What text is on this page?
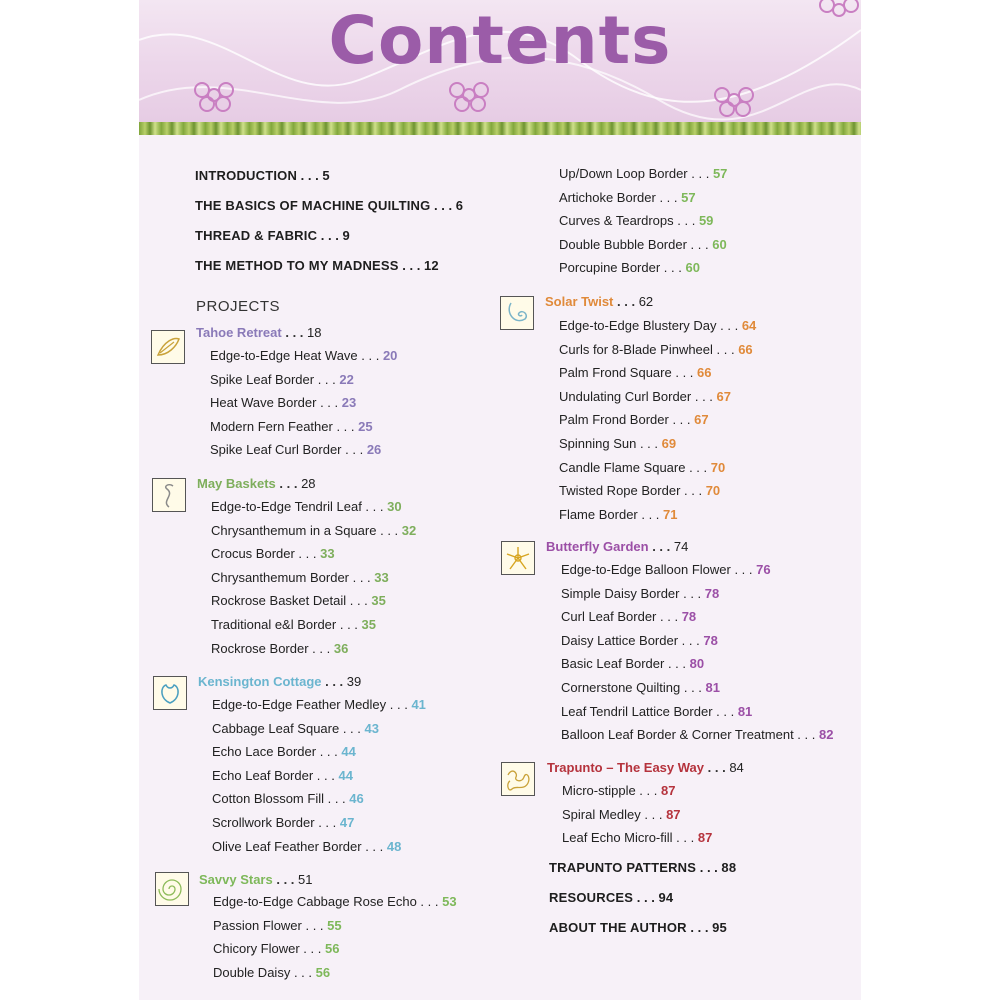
Contents
INTRODUCTION . . . 5
THE BASICS OF MACHINE QUILTING . . . 6
THREAD & FABRIC . . . 9
THE METHOD TO MY MADNESS . . . 12
PROJECTS
Tahoe Retreat . . . 18
Edge-to-Edge Heat Wave . . . 20
Spike Leaf Border . . . 22
Heat Wave Border . . . 23
Modern Fern Feather . . . 25
Spike Leaf Curl Border . . . 26
May Baskets . . . 28
Edge-to-Edge Tendril Leaf . . . 30
Chrysanthemum in a Square . . . 32
Crocus Border . . . 33
Chrysanthemum Border . . . 33
Rockrose Basket Detail . . . 35
Traditional e&l Border . . . 35
Rockrose Border . . . 36
Kensington Cottage . . . 39
Edge-to-Edge Feather Medley . . . 41
Cabbage Leaf Square . . . 43
Echo Lace Border . . . 44
Echo Leaf Border . . . 44
Cotton Blossom Fill . . . 46
Scrollwork Border . . . 47
Olive Leaf Feather Border . . . 48
Savvy Stars . . . 51
Edge-to-Edge Cabbage Rose Echo . . . 53
Passion Flower . . . 55
Chicory Flower . . . 56
Double Daisy . . . 56
Up/Down Loop Border . . . 57
Artichoke Border . . . 57
Curves & Teardrops . . . 59
Double Bubble Border . . . 60
Porcupine Border . . . 60
Solar Twist . . . 62
Edge-to-Edge Blustery Day . . . 64
Curls for 8-Blade Pinwheel . . . 66
Palm Frond Square . . . 66
Undulating Curl Border . . . 67
Palm Frond Border . . . 67
Spinning Sun . . . 69
Candle Flame Square . . . 70
Twisted Rope Border . . . 70
Flame Border . . . 71
Butterfly Garden . . . 74
Edge-to-Edge Balloon Flower . . . 76
Simple Daisy Border . . . 78
Curl Leaf Border . . . 78
Daisy Lattice Border . . . 78
Basic Leaf Border . . . 80
Cornerstone Quilting . . . 81
Leaf Tendril Lattice Border . . . 81
Balloon Leaf Border & Corner Treatment . . . 82
Trapunto – The Easy Way . . . 84
Micro-stipple . . . 87
Spiral Medley . . . 87
Leaf Echo Micro-fill . . . 87
TRAPUNTO PATTERNS . . . 88
RESOURCES . . . 94
ABOUT THE AUTHOR . . . 95
